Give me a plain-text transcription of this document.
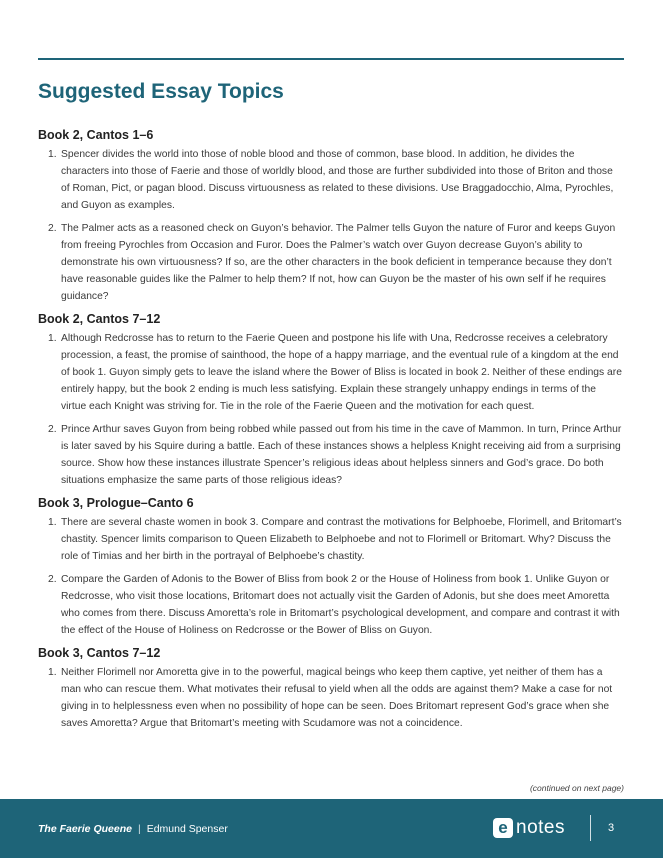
Suggested Essay Topics
Book 2, Cantos 1–6
1. Spencer divides the world into those of noble blood and those of common, base blood. In addition, he divides the characters into those of Faerie and those of worldly blood, and those are further subdivided into those of Briton and those of Roman, Pict, or pagan blood. Discuss virtuousness as related to these divisions. Use Braggadocchio, Alma, Pyrochles, and Guyon as examples.
2. The Palmer acts as a reasoned check on Guyon’s behavior. The Palmer tells Guyon the nature of Furor and keeps Guyon from freeing Pyrochles from Occasion and Furor. Does the Palmer’s watch over Guyon decrease Guyon’s ability to demonstrate his own virtuousness? If so, are the other characters in the book deficient in temperance because they don’t have reasonable guides like the Palmer to help them? If not, how can Guyon be the master of his own self if he requires guidance?
Book 2, Cantos 7–12
1. Although Redcrosse has to return to the Faerie Queen and postpone his life with Una, Redcrosse receives a celebratory procession, a feast, the promise of sainthood, the hope of a happy marriage, and the eventual rule of a kingdom at the end of book 1. Guyon simply gets to leave the island where the Bower of Bliss is located in book 2. Neither of these endings are entirely happy, but the book 2 ending is much less satisfying. Explain these strangely unhappy endings in terms of the virtue each Knight was striving for. Tie in the role of the Faerie Queen and the motivation for each quest.
2. Prince Arthur saves Guyon from being robbed while passed out from his time in the cave of Mammon. In turn, Prince Arthur is later saved by his Squire during a battle. Each of these instances shows a helpless Knight receiving aid from a surprising source. Show how these instances illustrate Spencer’s religious ideas about helpless sinners and God’s grace. Do both situations emphasize the same parts of those religious ideas?
Book 3, Prologue–Canto 6
1. There are several chaste women in book 3. Compare and contrast the motivations for Belphoebe, Florimell, and Britomart’s chastity. Spencer limits comparison to Queen Elizabeth to Belphoebe and not to Florimell or Britomart. Why? Discuss the role of Timias and her birth in the portrayal of Belphoebe’s chastity.
2. Compare the Garden of Adonis to the Bower of Bliss from book 2 or the House of Holiness from book 1. Unlike Guyon or Redcrosse, who visit those locations, Britomart does not actually visit the Garden of Adonis, but she does meet Amoretta who comes from there. Discuss Amoretta’s role in Britomart’s psychological development, and compare and contrast it with the effect of the House of Holiness on Redcrosse or the Bower of Bliss on Guyon.
Book 3, Cantos 7–12
1. Neither Florimell nor Amoretta give in to the powerful, magical beings who keep them captive, yet neither of them has a man who can rescue them. What motivates their refusal to yield when all the odds are against them? Make a case for not giving in to helplessness even when no possibility of hope can be seen. Does Britomart represent God’s grace when she saves Amoretta? Argue that Britomart’s meeting with Scudamore was not a coincidence.
(continued on next page)
The Faerie Queene | Edmund Spenser	e notes	3
